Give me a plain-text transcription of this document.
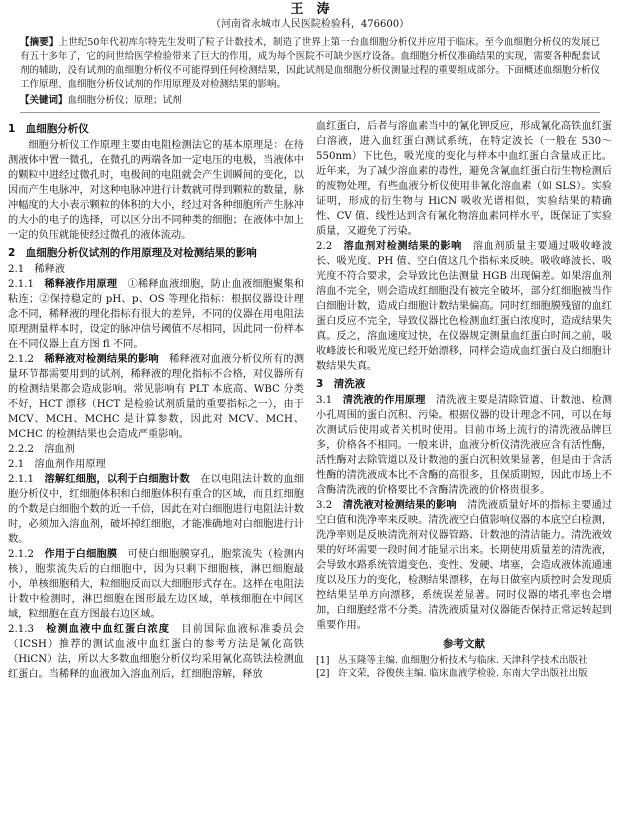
王　涛
（河南省永城市人民医院检验科，476600）

【摘要】上世纪50年代初库尔特先生发明了粒子计数技术，制造了世界上第一台血细胞分析仪并应用于临床。至今血细胞分析仪的发展已有五十多年了，它的问世给医学检验带来了巨大的作用，成为每个医院不可缺少医疗设备。血细胞分析仪准确结果的实现，需要各种配套试剂的辅助，没有试剂的血细胞分析仪不可能得到任何检测结果，因此试剂是血细胞分析仪测量过程的重要组成部分。下面概述血细胞分析仪工作原理、血细胞分析仪试剂的作用原理及对检测结果的影响。

【关键词】血细胞分析仪；原理；试剂

1　血细胞分析仪

细胞分析仪工作原理主要由电阻检测法它的基本原理是：在待测液体中置一微孔，在微孔的两端各加一定电压的电极，当液体中的颗粒中进经过微孔时，电极间的电阻就会产生训瞬间的变化，以因而产生电脉冲，对这种电脉冲进行计数就可得到颗粒的数量，脉冲幅度的大小表示颗粒的体积的大小，经过对各种细胞所产生脉冲的大小的电子的选择，可以区分出不同种类的细胞；在液体中加上一定的负压就能使经过微孔的液体流动。

2　血细胞分析仪试剂的作用原理及对检测结果的影响

2.1　 稀释液

2.1.1　 稀释液作用原理　 ①稀释血液细胞，防止血液细胞聚集和粘连；②保持稳定的 pH、p、OS 等理化指标：根据仪器设计理念不同，稀释液的理化指标有很大的差异，不同的仪器在用电阻法原理测量样本时，设定的脉冲信号阈值不尽相同，因此同一份样本在不同仪器上直方图 fl 不同。

2.1.2　 稀释液对检测结果的影响　 稀释液对血液分析仪所有的测量环节都需要用到的试剂，稀释液的理化指标不合格，对仪器所有的检测结果都会造成影响。常见影响有 PLT 本底高、WBC 分类不好，HCT 漂移（HCT 是检验试剂质量的重要指标之一），由于 MCV、MCH、MCHC 是计算参数，因此对 MCV、MCH、MCHC 的检测结果也会造成严重影响。

2.2.2　 溶血剂

2.1　 溶血剂作用原理

2.1.1　 溶解红细胞，以利于白细胞计数　 在以电阻法计数的血细胞分析仪中，红细胞体积和白细胞体积有重合的区域，而且红细胞的个数是白细胞个数的近一千倍，因此在对白细胞进行电阻法计数时，必须加入溶血剂，破坏掉红细胞，才能准确地对白细胞进行计数。

2.1.2　 作用于白细胞膜　 可使白细胞膜穿孔，胞浆流失（检测内核），胞浆流失后的白细胞中，因为只剩下细胞核，淋巴细胞最小，单核细胞稍大，粒细胞反而以大细胞形式存在。这样在电阻法计数中检测时，淋巴细胞在图形最左边区域，单核细胞在中间区域，粒细胞在直方图最右边区域。

2.1.3　 检测血液中血红蛋白浓度　 目前国际血液标准委员会（ICSH）推荐的测试血液中血红蛋白的参考方法是氰化高铁（HiCN）法，所以大多数血细胞分析仪均采用氰化高铁法检测血红蛋白。当稀释的血液加入溶血剂后，红细胞溶解，释放

血红蛋白，后者与溶血素当中的氰化钾反应，形成氰化高铁血红蛋白溶液，进入血红蛋白测试系统，在特定波长（一般在 530～550nm）下比色，吸光度的变化与样本中血红蛋白含量成正比。近年来，为了减少溶血素的毒性，避免含氰血红蛋白衍生物检测后的废物处理，有些血液分析仪使用非氰化溶血素（如 SLS）。实验证明，形成的衍生物与 HiCN 吸收光谱相似，实验结果的精确性、CV 值、线性达到含有氰化物溶血素同样水平，既保证了实验质量，又避免了污染。

2.2　 溶血剂对检测结果的影响　 溶血剂质量主要通过吸收峰波长、吸光度、PH 值、空白值这几个指标来反映。吸收峰波长、吸光度不符合要求，会导致比色法测量 HGB 出现偏差。如果溶血剂溶血不完全，则会造成红细胞没有被完全破坏，部分红细胞被当作白细胞计数，造成白细胞计数结果偏高。同时红细胞膜残留的血红蛋白反应不完全，导致仪器比色检测血红蛋白浓度时，造成结果失真。反之，溶血速度过快，在仪器规定测量血红蛋白时间之前，吸收峰波长和吸光度已经开始漂移，同样会造成血红蛋白及白细胞计数结果失真。

3　清洗液

3.1　 清洗液的作用原理　 清洗液主要是清除管道、计数池、检测小孔周围的蛋白沉积、污染。根据仪器的设计理念不同，可以在每次测试后使用或者关机时使用。目前市场上流行的清洗液品牌巨多，价格各不相同。一般来讲，血液分析仪清洗液应含有活性酶，活性酶对去除管道以及计数池的蛋白沉积效果显著，但是由于含活性酶的清洗液成本比不含酶的高很多，且保质期短，因此市场上不含酶清洗液的价格要比不含酶清洗液的价格贵很多。

3.2　 清洗液对检测结果的影响　 清洗液质量好坏的指标主要通过空白值和洗净率来反映。清洗液空白值影响仪器的本底空白检测，洗净率则是反映清洗剂对仪器管路、计数池的清洁能力。清洗液效果的好坏需要一段时间才能显示出来。长期使用质量差的清洗液，会导致水路系统管道变色、变性、发硬、堵塞，会造成液体流通速度以及压力的变化，检测结果漂移，在每日做室内质控时会发现质控结果呈单方向漂移，系统误差显著。同时仪器的堵孔率也会增加，白细胞经常不分类。清洗液质量对仪器能否保持正常运转起到重要作用。

参考文献
[1] 丛玉隆等主编. 血细胞分析技术与临床. 天津科学技术出版社
[2] 许文荣，谷俊侠主编. 临床血液学检验. 东南大学出版社出版
